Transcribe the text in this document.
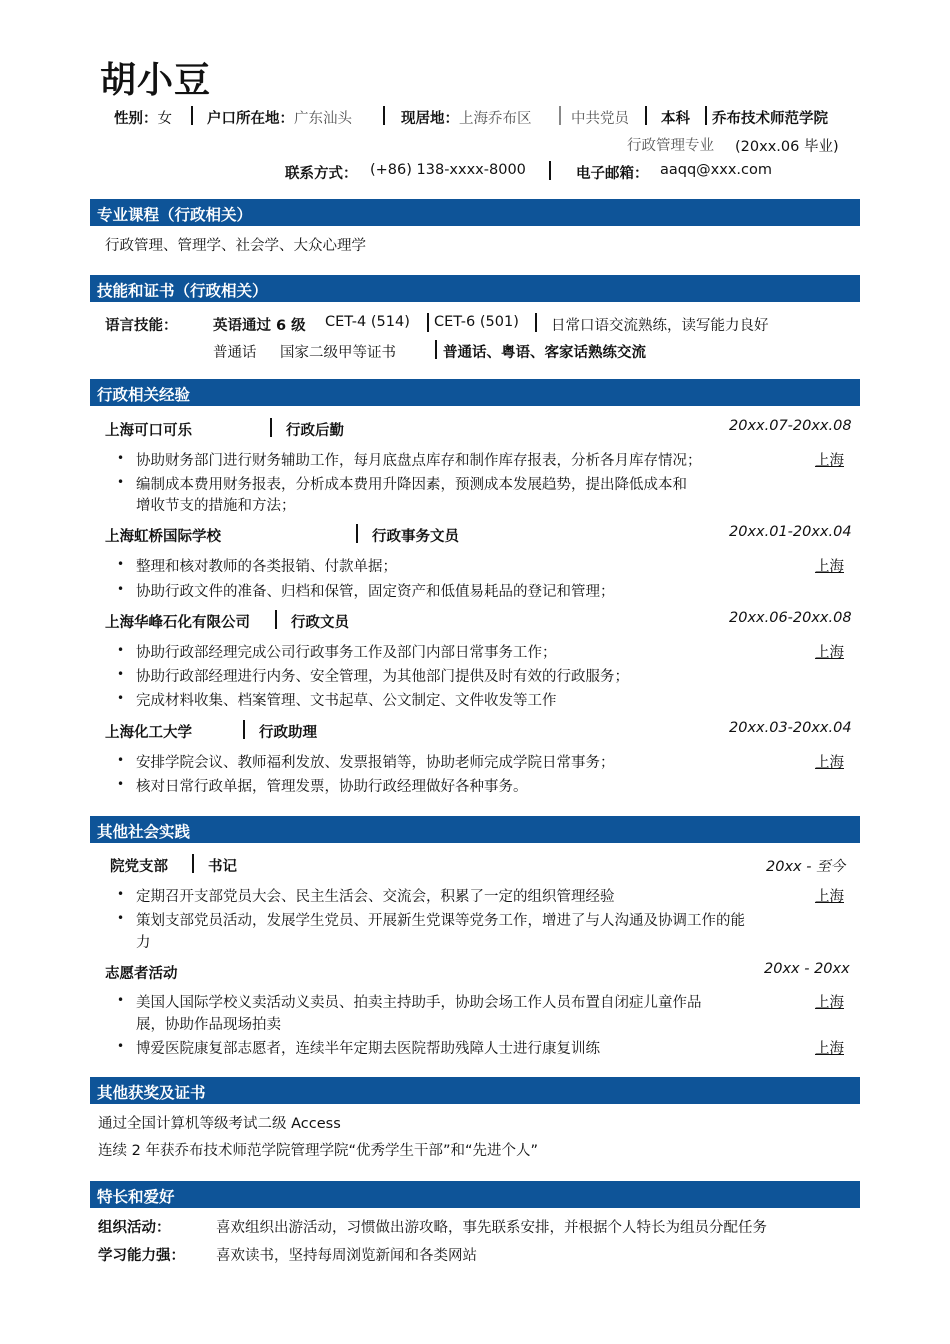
胡小豆
性别：女 户口所在地：广东汕头	现居地：上海乔布区	中共党员 本科 乔布技术师范学院
行政管理专业 (20xx.06 毕业)
联系方式： (+86) 138-xxxx-8000	电子邮箱： aaqq@xxx.com
专业课程（行政相关）
行政管理、管理学、社会学、大众心理学
技能和证书（行政相关）
语言技能： 英语通过 6 级 CET-4 (514) CET-6 (501) 日常口语交流熟练，读写能力良好
普通话 国家二级甲等证书	普通话、粤语、客家话熟练交流
行政相关经验
上海可口可乐	行政后勤	20xx.07-20xx.08
• 协助财务部门进行财务辅助工作，每月底盘点库存和制作库存报表，分析各月库存情况；	上海
• 编制成本费用财务报表，分析成本费用升降因素，预测成本发展趋势，提出降低成本和
增收节支的措施和方法；
上海虹桥国际学校	行政事务文员	20xx.01-20xx.04
• 整理和核对教师的各类报销、付款单据；	上海
• 协助行政文件的准备、归档和保管，固定资产和低值易耗品的登记和管理；
上海华峰石化有限公司	行政文员	20xx.06-20xx.08
• 协助行政部经理完成公司行政事务工作及部门内部日常事务工作；	上海
• 协助行政部经理进行内务、安全管理，为其他部门提供及时有效的行政服务；
• 完成材料收集、档案管理、文书起草、公文制定、文件收发等工作
上海化工大学	行政助理	20xx.03-20xx.04
• 安排学院会议、教师福利发放、发票报销等，协助老师完成学院日常事务；	上海
• 核对日常行政单据，管理发票，协助行政经理做好各种事务。
其他社会实践
院党支部	书记	20xx - 至今
• 定期召开支部党员大会、民主生活会、交流会，积累了一定的组织管理经验	上海
• 策划支部党员活动，发展学生党员、开展新生党课等党务工作，增进了与人沟通及协调工作的能
力
志愿者活动	20xx - 20xx
• 美国人国际学校义卖活动义卖员、拍卖主持助手，协助会场工作人员布置自闭症儿童作品	上海
展，协助作品现场拍卖
• 博爱医院康复部志愿者，连续半年定期去医院帮助残障人士进行康复训练	上海
其他获奖及证书
通过全国计算机等级考试二级 Access
连续 2 年获乔布技术师范学院管理学院“优秀学生干部”和“先进个人”
特长和爱好
组织活动：	喜欢组织出游活动，习惯做出游攻略，事先联系安排，并根据个人特长为组员分配任务
学习能力强： 喜欢读书，坚持每周浏览新闻和各类网站
